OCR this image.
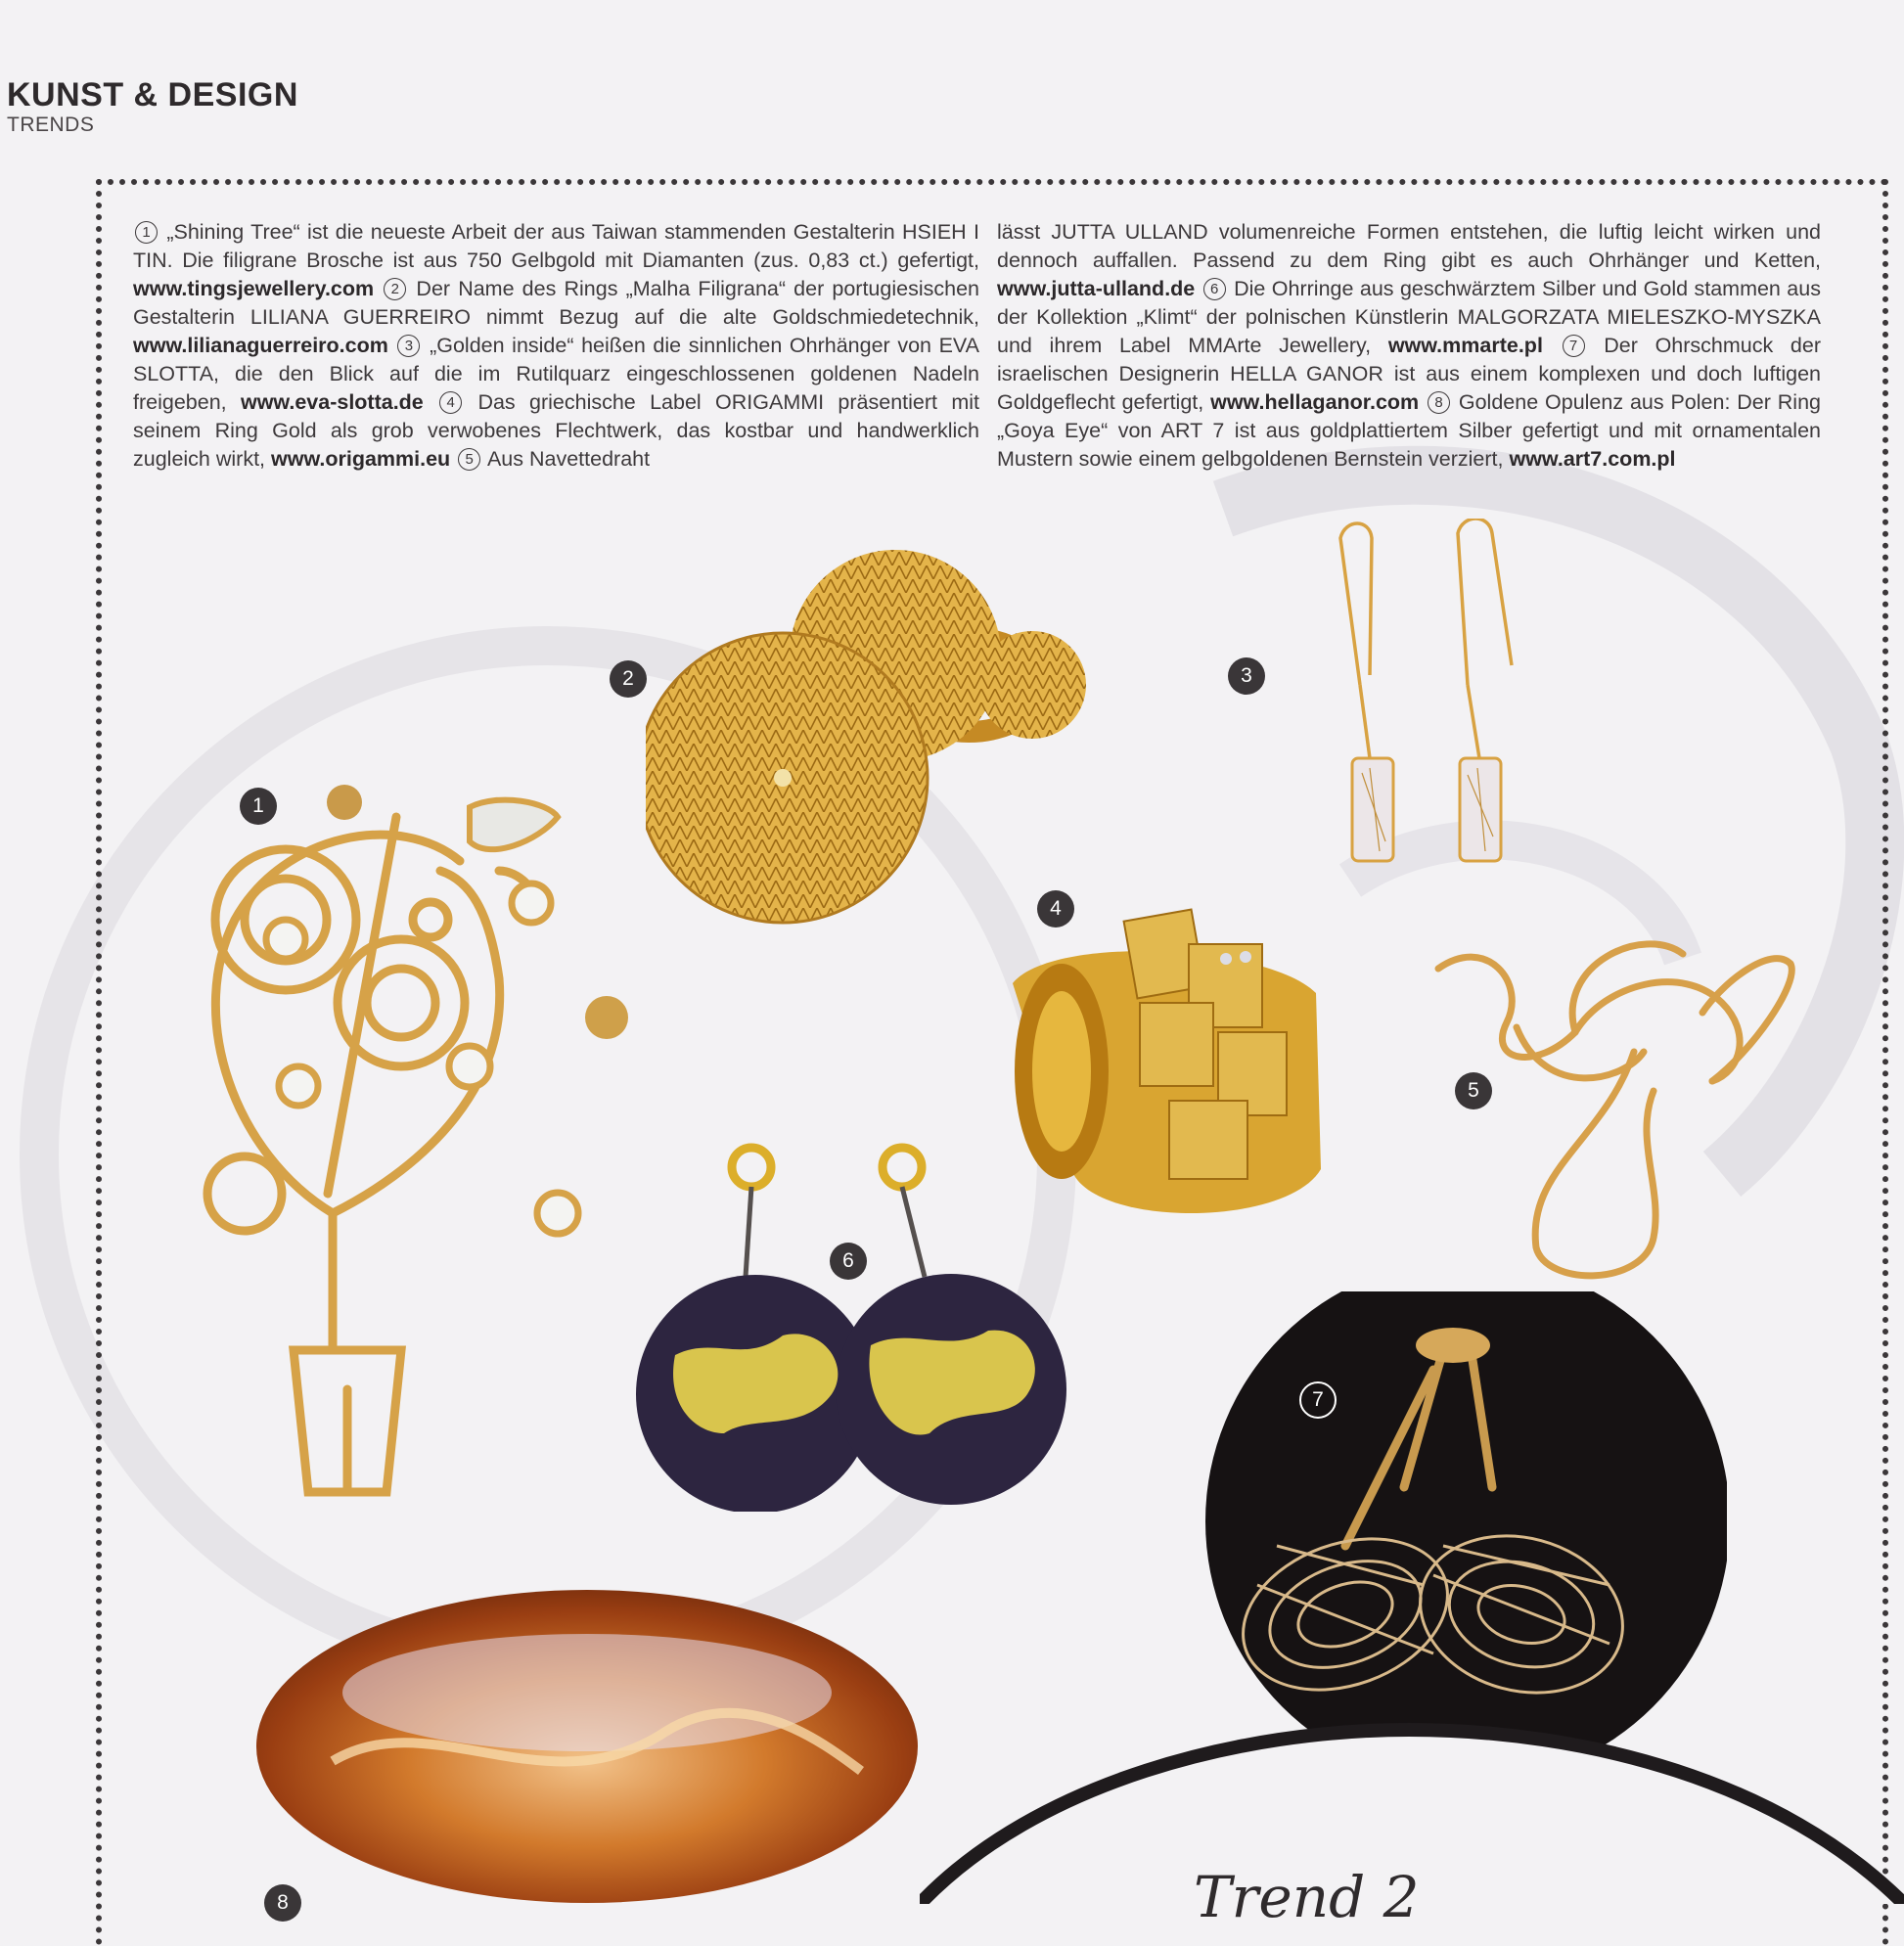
KUNST & DESIGN
TRENDS
1 „Shining Tree“ ist die neueste Arbeit der aus Taiwan stammenden Gestalterin HSIEH I TIN. Die filigrane Brosche ist aus 750 Gelbgold mit Diamanten (zus. 0,83 ct.) gefertigt, www.tingsjewellery.com 2 Der Name des Rings „Malha Filigrana“ der portugiesischen Gestalterin LILIANA GUERREIRO nimmt Bezug auf die alte Goldschmiedetechnik, www.lilianaguerreiro.com 3 „Golden inside“ heißen die sinnlichen Ohrhänger von EVA SLOTTA, die den Blick auf die im Rutilquarz eingeschlossenen goldenen Nadeln freigeben, www.eva-slotta.de 4 Das griechische Label ORIGAMMI präsentiert mit seinem Ring Gold als grob verwobenes Flechtwerk, das kostbar und handwerklich zugleich wirkt, www.origammi.eu 5 Aus Navettedraht
lässt JUTTA ULLAND volumenreiche Formen entstehen, die luftig leicht wirken und dennoch auffallen. Passend zu dem Ring gibt es auch Ohrhänger und Ketten, www.jutta-ulland.de 6 Die Ohrringe aus geschwärztem Silber und Gold stammen aus der Kollektion „Klimt“ der polnischen Künstlerin MALGORZATA MIELESZKO-MYSZKA und ihrem Label MMArte Jewellery, www.mmarte.pl 7 Der Ohrschmuck der israelischen Designerin HELLA GANOR ist aus einem komplexen und doch luftigen Goldgeflecht gefertigt, www.hellaganor.com 8 Goldene Opulenz aus Polen: Der Ring „Goya Eye“ von ART 7 ist aus goldplattiertem Silber gefertigt und mit ornamentalen Mustern sowie einem gelbgoldenen Bernstein verziert, www.art7.com.pl
1
2	3
4
5
6
7
8	Trend 2
